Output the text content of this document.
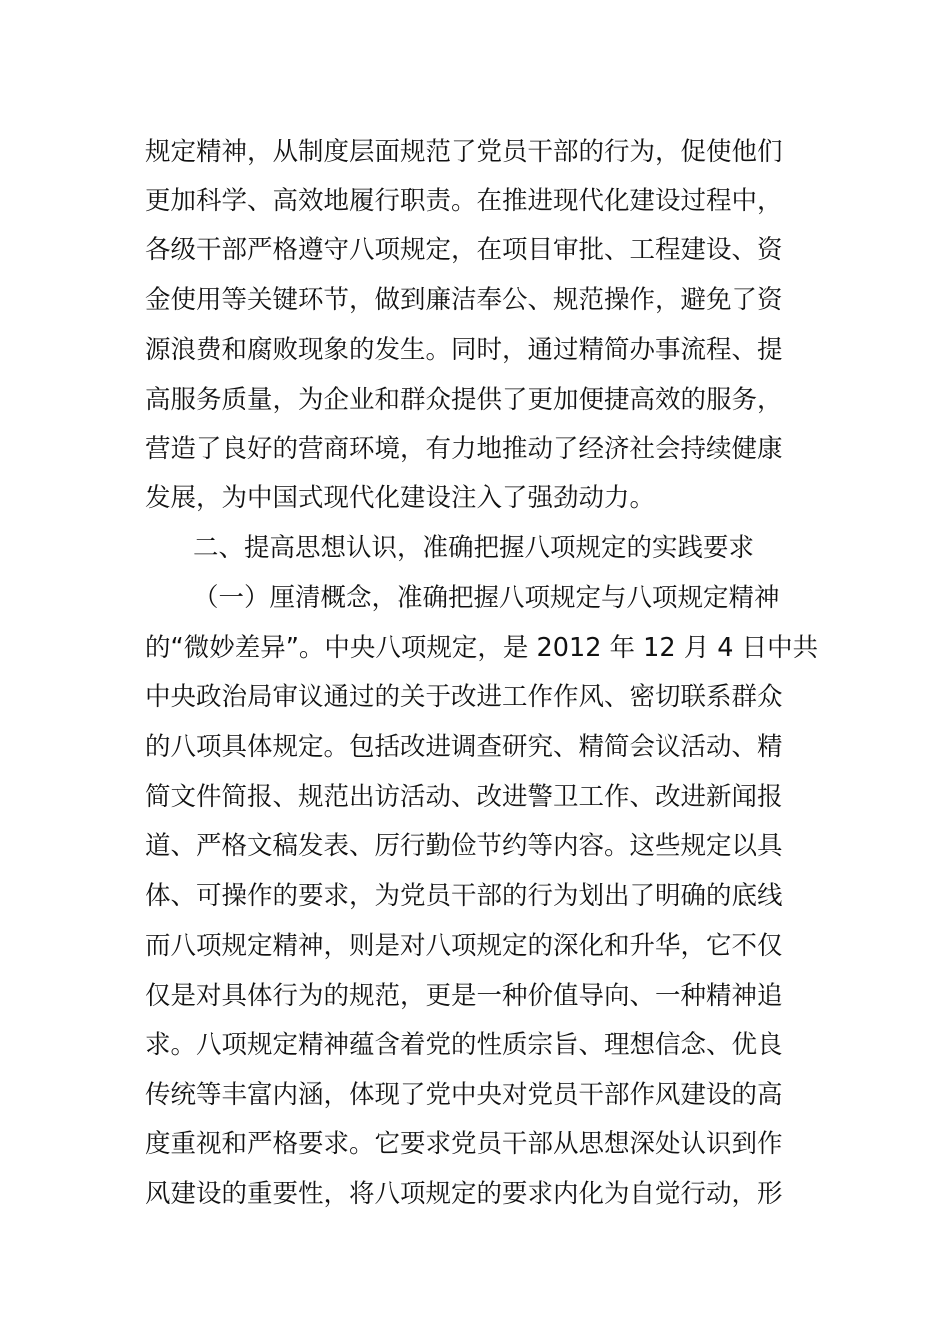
规定精神，从制度层面规范了党员干部的行为，促使他们
更加科学、高效地履行职责。在推进现代化建设过程中，
各级干部严格遵守八项规定，在项目审批、工程建设、资
金使用等关键环节，做到廉洁奉公、规范操作，避免了资
源浪费和腐败现象的发生。同时，通过精简办事流程、提
高服务质量，为企业和群众提供了更加便捷高效的服务，
营造了良好的营商环境，有力地推动了经济社会持续健康
发展，为中国式现代化建设注入了强劲动力。
二、提高思想认识，准确把握八项规定的实践要求
（一）厘清概念，准确把握八项规定与八项规定精神
的“微妙差异”。中央八项规定，是 2012 年 12 月 4 日中共
中央政治局审议通过的关于改进工作作风、密切联系群众
的八项具体规定。包括改进调查研究、精简会议活动、精
简文件简报、规范出访活动、改进警卫工作、改进新闻报
道、严格文稿发表、厉行勤俭节约等内容。这些规定以具
体、可操作的要求，为党员干部的行为划出了明确的底线
而八项规定精神，则是对八项规定的深化和升华，它不仅
仅是对具体行为的规范，更是一种价值导向、一种精神追
求。八项规定精神蕴含着党的性质宗旨、理想信念、优良
传统等丰富内涵，体现了党中央对党员干部作风建设的高
度重视和严格要求。它要求党员干部从思想深处认识到作
风建设的重要性，将八项规定的要求内化为自觉行动，形
